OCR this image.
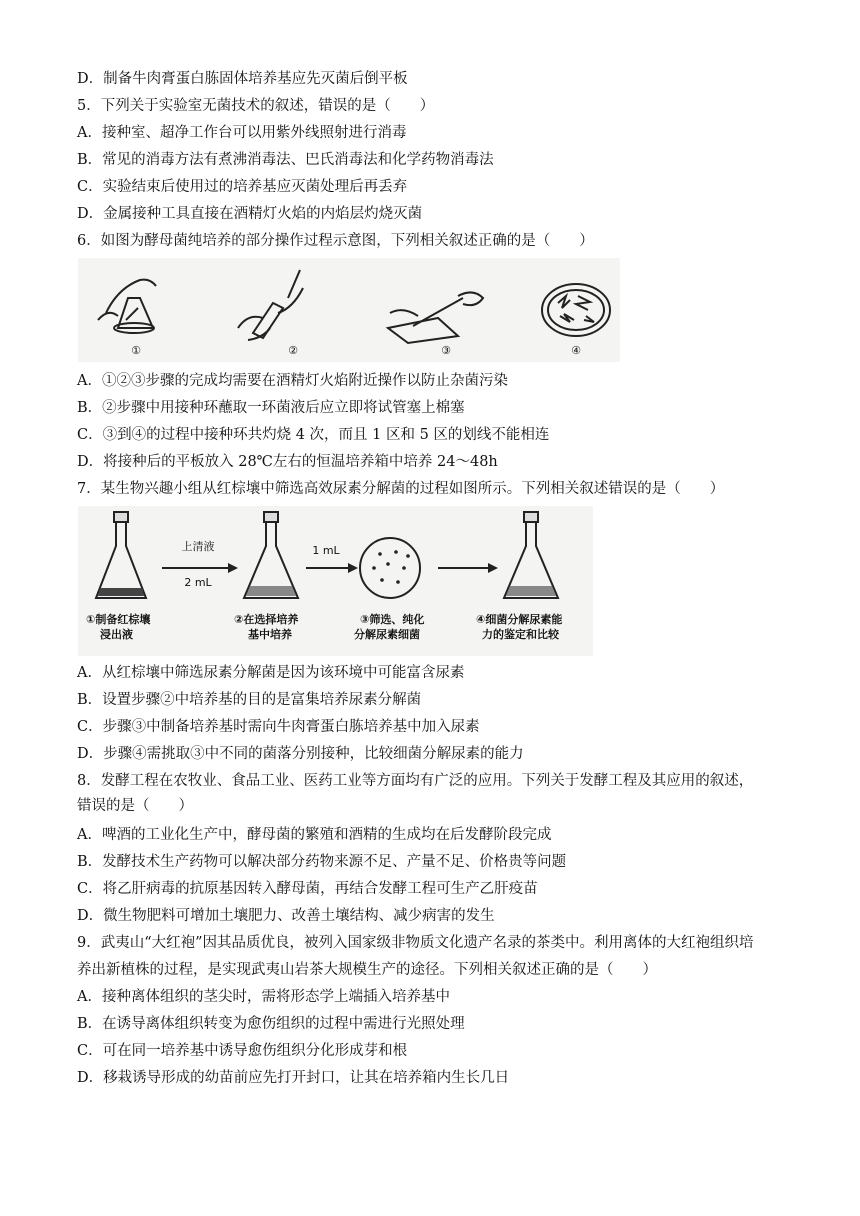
D．制备牛肉膏蛋白胨固体培养基应先灭菌后倒平板
5．下列关于实验室无菌技术的叙述，错误的是（　　）
A．接种室、超净工作台可以用紫外线照射进行消毒
B．常见的消毒方法有煮沸消毒法、巴氏消毒法和化学药物消毒法
C．实验结束后使用过的培养基应灭菌处理后再丢弃
D．金属接种工具直接在酒精灯火焰的内焰层灼烧灭菌
6．如图为酵母菌纯培养的部分操作过程示意图，下列相关叙述正确的是（　　）
①	②	③	④
A．①②③步骤的完成均需要在酒精灯火焰附近操作以防止杂菌污染
B．②步骤中用接种环蘸取一环菌液后应立即将试管塞上棉塞
C．③到④的过程中接种环共灼烧 4 次，而且 1 区和 5 区的划线不能相连
D．将接种后的平板放入 28℃左右的恒温培养箱中培养 24～48h
7．某生物兴趣小组从红棕壤中筛选高效尿素分解菌的过程如图所示。下列相关叙述错误的是（　　）
上清液
2 mL
1 mL
①制备红棕壤
浸出液
②在选择培养
基中培养
③筛选、纯化
分解尿素细菌
④细菌分解尿素能
力的鉴定和比较
A．从红棕壤中筛选尿素分解菌是因为该环境中可能富含尿素
B．设置步骤②中培养基的目的是富集培养尿素分解菌
C．步骤③中制备培养基时需向牛肉膏蛋白胨培养基中加入尿素
D．步骤④需挑取③中不同的菌落分别接种，比较细菌分解尿素的能力
8．发酵工程在农牧业、食品工业、医药工业等方面均有广泛的应用。下列关于发酵工程及其应用的叙述，
错误的是（　　）
A．啤酒的工业化生产中，酵母菌的繁殖和酒精的生成均在后发酵阶段完成
B．发酵技术生产药物可以解决部分药物来源不足、产量不足、价格贵等问题
C．将乙肝病毒的抗原基因转入酵母菌，再结合发酵工程可生产乙肝疫苗
D．微生物肥料可增加土壤肥力、改善土壤结构、减少病害的发生
9．武夷山“大红袍”因其品质优良，被列入国家级非物质文化遗产名录的茶类中。利用离体的大红袍组织培
养出新植株的过程，是实现武夷山岩茶大规模生产的途径。下列相关叙述正确的是（　　）
A．接种离体组织的茎尖时，需将形态学上端插入培养基中
B．在诱导离体组织转变为愈伤组织的过程中需进行光照处理
C．可在同一培养基中诱导愈伤组织分化形成芽和根
D．移栽诱导形成的幼苗前应先打开封口，让其在培养箱内生长几日
